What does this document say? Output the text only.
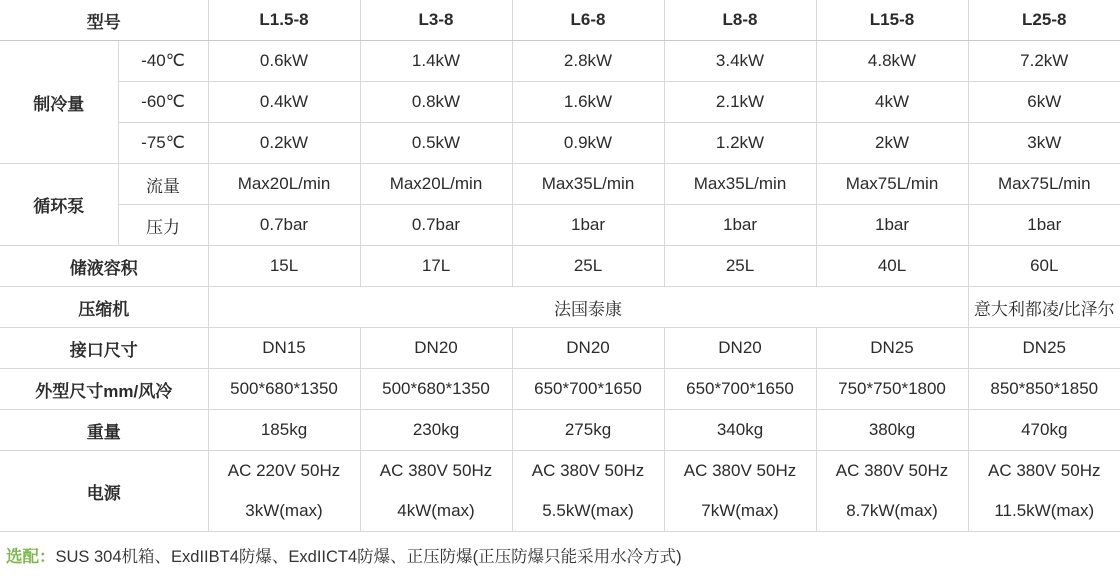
型号		L1.5-8	L3-8	L6-8	L8-8	L15-8	L25-8
制冷量	-40℃	0.6kW	1.4kW	2.8kW	3.4kW	4.8kW	7.2kW
	-60℃	0.4kW	0.8kW	1.6kW	2.1kW	4kW	6kW
	-75℃	0.2kW	0.5kW	0.9kW	1.2kW	2kW	3kW
循环泵	流量	Max20L/min	Max20L/min	Max35L/min	Max35L/min	Max75L/min	Max75L/min
	压力	0.7bar	0.7bar	1bar	1bar	1bar	1bar
储液容积		15L	17L	25L	25L	40L	60L
压缩机		法国泰康					意大利都凌/比泽尔
接口尺寸		DN15	DN20	DN20	DN20	DN25	DN25
外型尺寸mm/风冷		500*680*1350	500*680*1350	650*700*1650	650*700*1650	750*750*1800	850*850*1850
重量		185kg	230kg	275kg	340kg	380kg	470kg
电源		AC 220V 50Hz	AC 380V 50Hz	AC 380V 50Hz	AC 380V 50Hz	AC 380V 50Hz	AC 380V 50Hz
		3kW(max)	4kW(max)	5.5kW(max)	7kW(max)	8.7kW(max)	11.5kW(max)
选配：SUS 304机箱、ExdIIBT4防爆、ExdIICT4防爆、正压防爆(正压防爆只能采用水冷方式)
